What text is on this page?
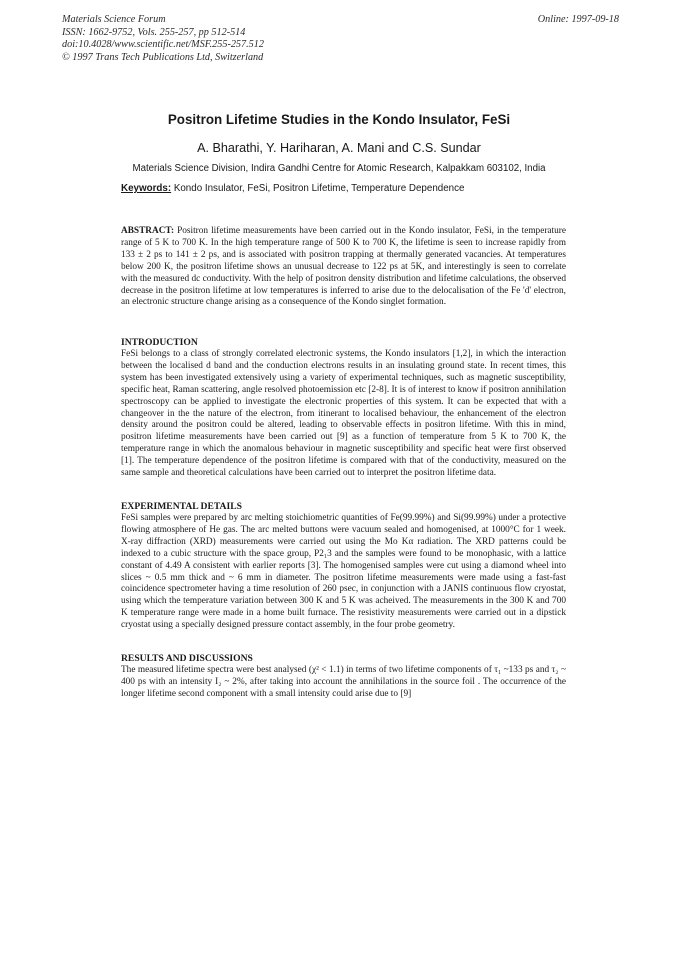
Materials Science Forum
ISSN: 1662-9752, Vols. 255-257, pp 512-514
doi:10.4028/www.scientific.net/MSF.255-257.512
© 1997 Trans Tech Publications Ltd, Switzerland
Online: 1997-09-18
Positron Lifetime Studies in the Kondo Insulator, FeSi
A. Bharathi, Y. Hariharan, A. Mani and C.S. Sundar
Materials Science Division, Indira Gandhi Centre for Atomic Research, Kalpakkam 603102, India
Keywords: Kondo Insulator, FeSi, Positron Lifetime, Temperature Dependence

ABSTRACT: Positron lifetime measurements have been carried out in the Kondo insulator, FeSi, in the temperature range of 5 K to 700 K. In the high temperature range of 500 K to 700 K, the lifetime is seen to increase rapidly from 133 ± 2 ps to 141 ± 2 ps, and is associated with positron trapping at thermally generated vacancies. At temperatures below 200 K, the positron lifetime shows an unusual decrease to 122 ps at 5K, and interestingly is seen to correlate with the measured dc conductivity. With the help of positron density distribution and lifetime calculations, the observed decrease in the positron lifetime at low temperatures is inferred to arise due to the delocalisation of the Fe 'd' electron, an electronic structure change arising as a consequence of the Kondo singlet formation.

INTRODUCTION

FeSi belongs to a class of strongly correlated electronic systems, the Kondo insulators [1,2], in which the interaction between the localised d band and the conduction electrons results in an insulating ground state. In recent times, this system has been investigated extensively using a variety of experimental techniques, such as magnetic susceptibility, specific heat, Raman scattering, angle resolved photoemission etc [2-8]. It is of interest to know if positron annihilation spectroscopy can be applied to investigate the electronic properties of this system. It can be expected that with a changeover in the the nature of the electron, from itinerant to localised behaviour, the enhancement of the electron density around the positron could be altered, leading to observable effects in positron lifetime. With this in mind, positron lifetime measurements have been carried out [9] as a function of temperature from 5 K to 700 K, the temperature range in which the anomalous behaviour in magnetic susceptibility and specific heat were first observed [1]. The temperature dependence of the positron lifetime is compared with that of the conductivity, measured on the same sample and theoretical calculations have been carried out to interpret the positron lifetime data.

EXPERIMENTAL DETAILS

FeSi samples were prepared by arc melting stoichiometric quantities of Fe(99.99%) and Si(99.99%) under a protective flowing atmosphere of He gas. The arc melted buttons were vacuum sealed and homogenised, at 1000°C for 1 week. X-ray diffraction (XRD) measurements were carried out using the Mo Kα radiation. The XRD patterns could be indexed to a cubic structure with the space group, P2₁3 and the samples were found to be monophasic, with a lattice constant of 4.49 A consistent with earlier reports [3]. The homogenised samples were cut using a diamond wheel into slices ~ 0.5 mm thick and ~ 6 mm in diameter. The positron lifetime measurements were made using a fast-fast coincidence spectrometer having a time resolution of 260 psec, in conjunction with a JANIS continuous flow cryostat, using which the temperature variation between 300 K and 5 K was acheived. The measurements in the 300 K and 700 K temperature range were made in a home built furnace. The resistivity measurements were carried out in a dipstick cryostat using a specially designed pressure contact assembly, in the four probe geometry.

RESULTS AND DISCUSSIONS

The measured lifetime spectra were best analysed (χ² < 1.1) in terms of two lifetime components of τ₁ ~133 ps and τ₂ ~ 400 ps with an intensity I₂ ~ 2%, after taking into account the annihilations in the source foil . The occurrence of the longer lifetime second component with a small intensity could arise due to [9]
